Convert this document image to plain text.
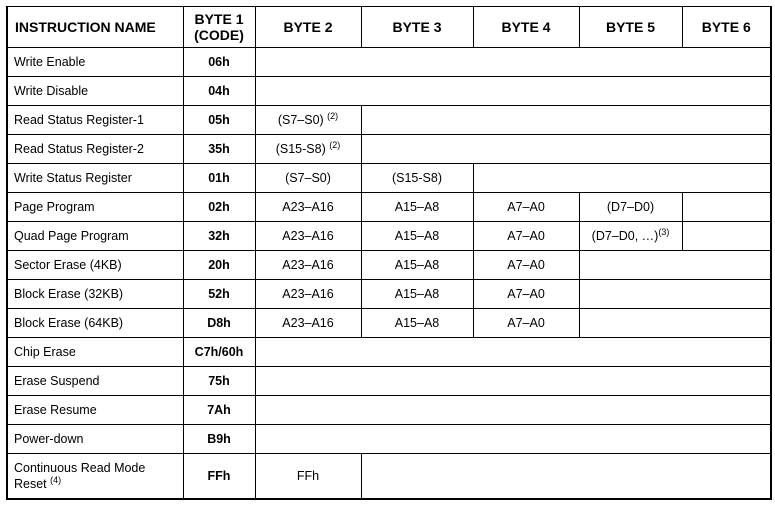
INSTRUCTION NAME	BYTE 1
(CODE)	BYTE 2	BYTE 3	BYTE 4	BYTE 5	BYTE 6
Write Enable	06h					
Write Disable	04h					
Read Status Register-1	05h	(S7–S0) $^{(2)}$	
Read Status Register-2	35h	(S15-S8) $^{(2)}$	
Write Status Register	01h	(S7–S0)	(S15-S8)			
Page Program	02h	A23–A16	A15–A8	A7–A0	(D7–D0)	
Quad Page Program	32h	A23–A16	A15–A8	A7–A0	(D7–D0, …)$^{(3)}$	
Sector Erase (4KB)	20h	A23–A16	A15–A8	A7–A0		
Block Erase (32KB)	52h	A23–A16	A15–A8	A7–A0		
Block Erase (64KB)	D8h	A23–A16	A15–A8	A7–A0		
Chip Erase	C7h/60h					
Erase Suspend	75h					
Erase Resume	7Ah					
Power-down	B9h					
Continuous Read Mode Reset $^{(4)}$	FFh	FFh				
